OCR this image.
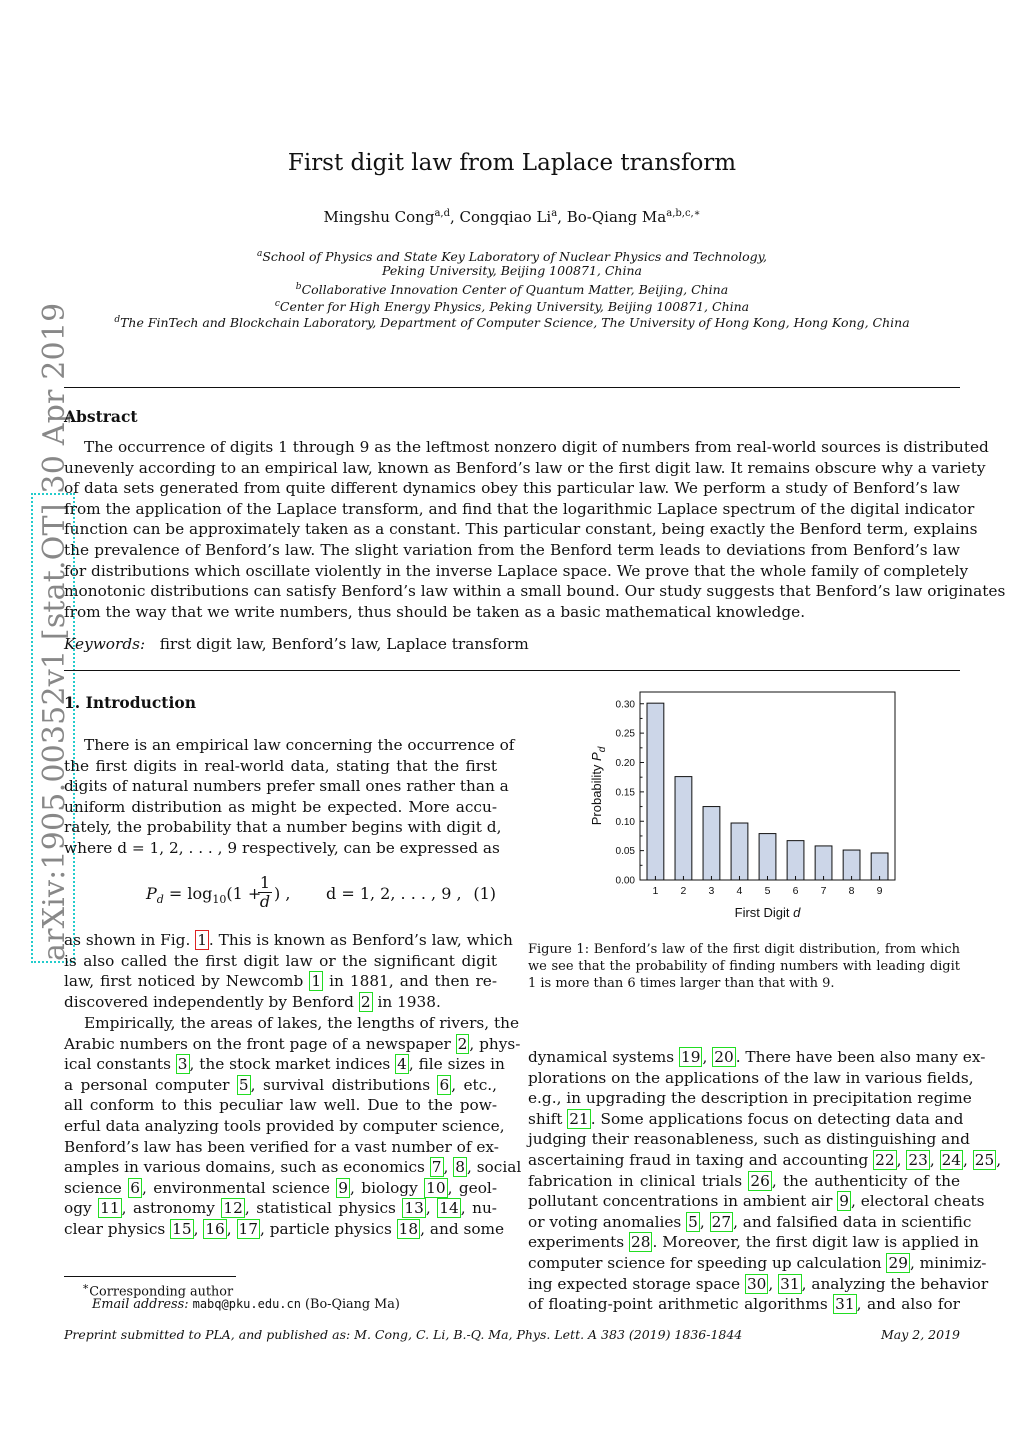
arXiv:1905.00352v1 [stat.OT] 30 Apr 2019
First digit law from Laplace transform
Mingshu Cong$^{a,d}$, Congqiao Li$^a$, Bo-Qiang $Ma^{a,b,c,∗}$
$^a$School of Physics and State Key Laboratory of Nuclear Physics and Technology,
Peking University, Beijing 100871, China
$^b$Collaborative Innovation Center of Quantum Matter, Beijing, China
$^c$Center for High Energy Physics, Peking University, Beijing 100871, China
$^d$The FinTech and Blockchain Laboratory, Department of Computer Science, The University of Hong Kong, Hong Kong, China
Abstract
The occurrence of digits 1 through 9 as the leftmost nonzero digit of numbers from real-world sources is distributed
unevenly according to an empirical law, known as Benford’s law or the first digit law. It remains obscure why a variety
of data sets generated from quite different dynamics obey this particular law. We perform a study of Benford’s law
from the application of the Laplace transform, and find that the logarithmic Laplace spectrum of the digital indicator
function can be approximately taken as a constant. This particular constant, being exactly the Benford term, explains
the prevalence of Benford’s law. The slight variation from the Benford term leads to deviations from Benford’s law
for distributions which oscillate violently in the inverse Laplace space. We prove that the whole family of completely
monotonic distributions can satisfy Benford’s law within a small bound. Our study suggests that Benford’s law originates
from the way that we write numbers, thus should be taken as a basic mathematical knowledge.
Keywords: first digit law, Benford’s law, Laplace transform
1. Introduction
There is an empirical law concerning the occurrence of
the first digits in real-world data, stating that the first
digits of natural numbers prefer small ones rather than a
uniform distribution as might be expected. More accu-
rately, the probability that a number begins with digit d,
where d = 1, 2, . . . , 9 respectively, can be expressed as
$P_d = \log_{10}(1$ +
$\frac{1}{d}$ ) , d = 1, 2, . . . , 9 , (1)
as shown in Fig. 1 . This is known as Benford’s law, which
is also called the first digit law or the significant digit
law, first noticed by Newcomb 1 in 1881, and then re-
discovered independently by Benford 2 in 1938.
Empirically, the areas of lakes, the lengths of rivers, the
Arabic numbers on the front page of a newspaper 2 , phys-
ical constants 3 , the stock market indices 4 , file sizes in
a personal computer 5 , survival distributions 6 , etc.,
all conform to this peculiar law well. Due to the pow-
erful data analyzing tools provided by computer science,
Benford’s law has been verified for a vast number of ex-
amples in various domains, such as economics 7 , 8 , social
science 6 , environmental science 9 , biology 10 , geol-
ogy 11 , astronomy 12 , statistical physics 13 , 14 , nu-
clear physics 15 , 16 , 17 , particle physics 18 , and some
0.00
0.05
0.10
0.15
0.20
0.25
0.30
1 2 3 4 5 6 7 8 9
First Digit d
Probability $P_d$
Figure 1: Benford’s law of the first digit distribution, from which we see that the probability of finding numbers with leading digit 1 is more than 6 times larger than that with 9.
dynamical systems 19 , 20 . There have been also many ex-
plorations on the applications of the law in various fields,
e.g., in upgrading the description in precipitation regime
shift 21 . Some applications focus on detecting data and
judging their reasonableness, such as distinguishing and
ascertaining fraud in taxing and accounting 22 , 23 , 24 , 25 ,
fabrication in clinical trials 26 , the authenticity of the
pollutant concentrations in ambient air 9 , electoral cheats
or voting anomalies 5 , 27 , and falsified data in scientific
experiments 28 . Moreover, the first digit law is applied in
computer science for speeding up calculation 29 , minimiz-
ing expected storage space 30 , 31 , analyzing the behavior
of floating-point arithmetic algorithms 31 , and also for
∗Corresponding author
Email address: mabq@pku.edu.cn (Bo-Qiang Ma)
Preprint submitted to PLA, and published as: M. Cong, C. Li, B.-Q. Ma, Phys. Lett. A 383 (2019) 1836-1844	May 2, 2019
